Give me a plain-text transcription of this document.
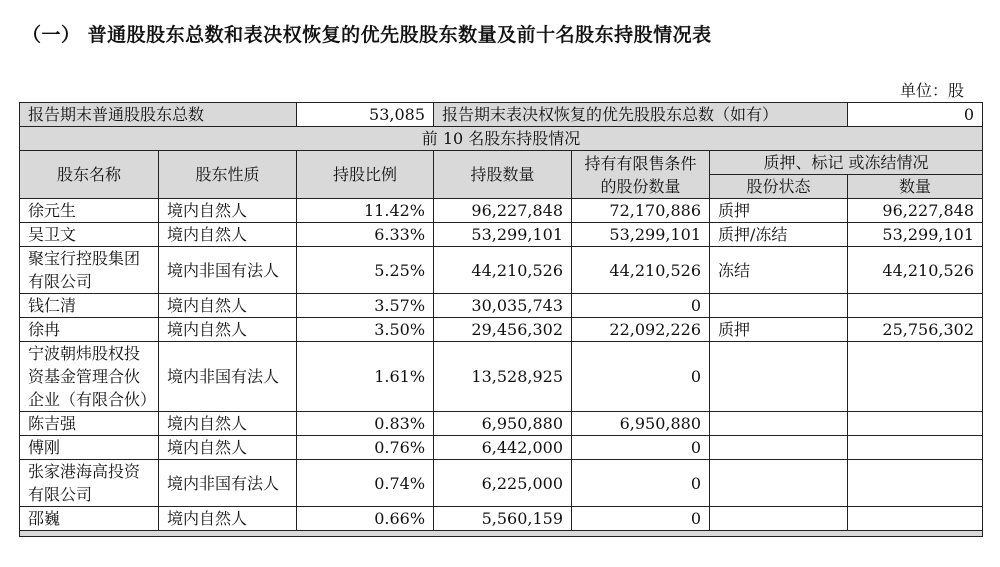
（一） 普通股股东总数和表决权恢复的优先股股东数量及前十名股东持股情况表
单位：股
报告期末普通股股东总数		53,085	报告期末表决权恢复的优先股股东总数（如有）			0
前 10 名股东持股情况						
股东名称	股东性质	持股比例	持股数量	持有有限售条件的股份数量	质押、标记 或冻结情况	
					股份状态	数量
徐元生	境内自然人	11.42%	96,227,848	72,170,886	质押	96,227,848
吴卫文	境内自然人	6.33%	53,299,101	53,299,101	质押/冻结	53,299,101
聚宝行控股集团有限公司	境内非国有法人	5.25%	44,210,526	44,210,526	冻结	44,210,526
钱仁清	境内自然人	3.57%	30,035,743	0		
徐冉	境内自然人	3.50%	29,456,302	22,092,226	质押	25,756,302
宁波朝炜股权投资基金管理合伙企业（有限合伙）	境内非国有法人	1.61%	13,528,925	0		
陈吉强	境内自然人	0.83%	6,950,880	6,950,880		
傅刚	境内自然人	0.76%	6,442,000	0		
张家港海高投资有限公司	境内非国有法人	0.74%	6,225,000	0		
邵巍	境内自然人	0.66%	5,560,159	0		
